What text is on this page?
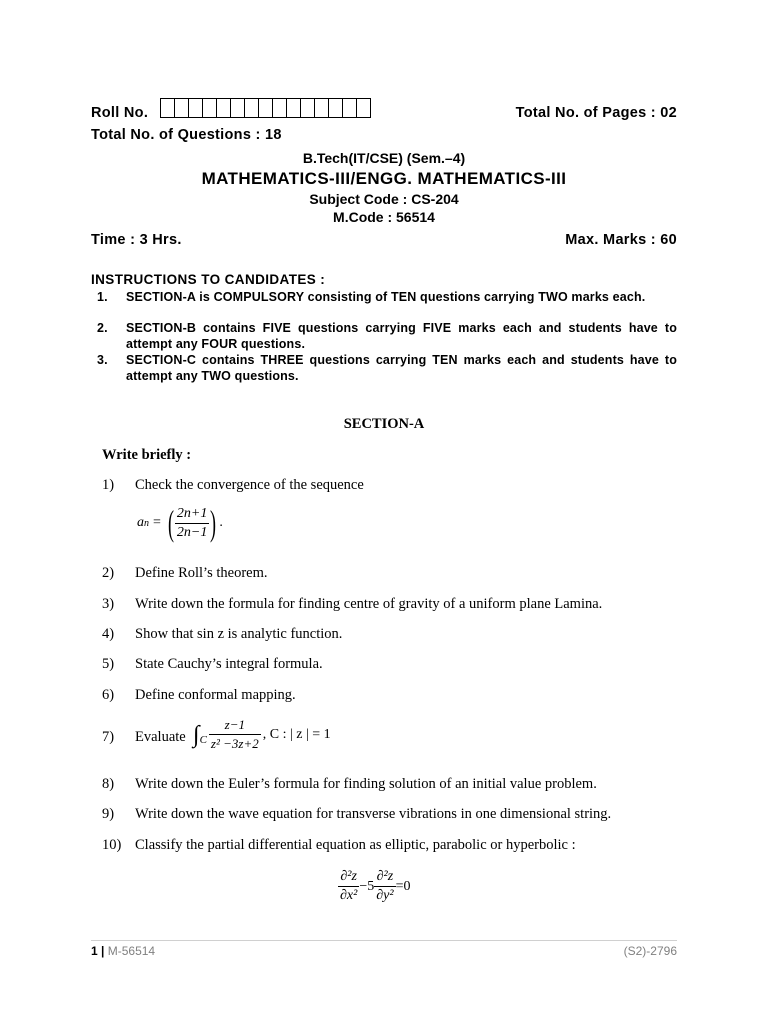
Roll No.	Total No. of Pages : 02
Total No. of Questions : 18
B.Tech(IT/CSE) (Sem.–4)
MATHEMATICS-III/ENGG. MATHEMATICS-III
Subject Code : CS-204
M.Code : 56514
Time : 3 Hrs.	Max. Marks : 60
INSTRUCTIONS TO CANDIDATES :
1. SECTION-A is COMPULSORY consisting of TEN questions carrying TWO marks each.
2. SECTION-B contains FIVE questions carrying FIVE marks each and students have to attempt any FOUR questions.
3. SECTION-C contains THREE questions carrying TEN marks each and students have to attempt any TWO questions.
SECTION-A
Write briefly :
1) Check the convergence of the sequence
a n = ( $\frac{2n+1}{2n-1}$ ) .
2) Define Roll’s theorem.
3) Write down the formula for finding centre of gravity of a uniform plane Lamina.
4) Show that sin z is analytic function.
5) State Cauchy’s integral formula.
6) Define conformal mapping.
7) Evaluate $\int_C \frac{z-1}{\text{z² −3z+2}}$ , C : | z | = 1
8) Write down the Euler’s formula for finding solution of an initial value problem.
9) Write down the wave equation for transverse vibrations in one dimensional string.
10) Classify the partial differential equation as elliptic, parabolic or hyperbolic :
$\frac{\text{∂²z}}{\text{∂x²}} -5 \frac{\text{∂²z}}{\text{∂y²}} =0$
1 | M-56514	(S2)-2796
